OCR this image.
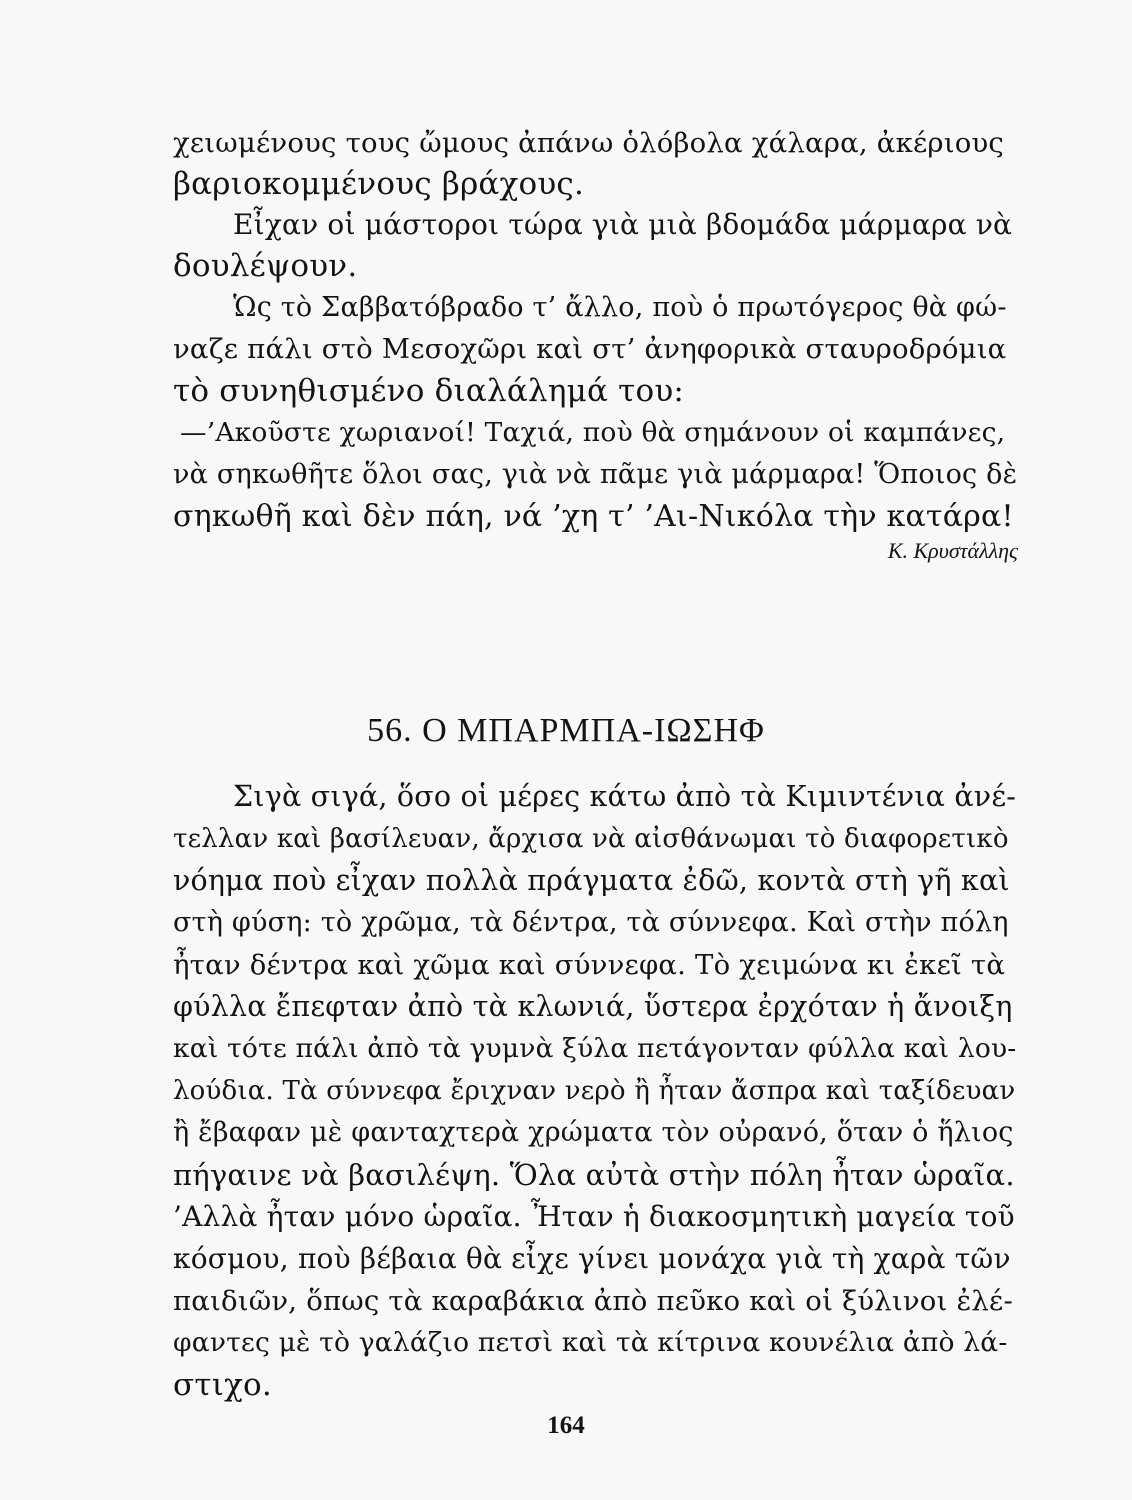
χειωμένους τους ὤμους ἀπάνω ὁλόβολα χάλαρα, ἀκέριους
βαριοκομμένους βράχους.
Εἶχαν οἱ μάστοροι τώρα γιὰ μιὰ βδομάδα μάρμαρα νὰ
δουλέψουν.
Ὡς τὸ Σαββατόβραδο τ’ ἄλλο, ποὺ ὁ πρωτόγερος θὰ φώ-
ναζε πάλι στὸ Μεσοχῶρι καὶ στ’ ἀνηφορικὰ σταυροδρόμια
τὸ συνηθισμένο διαλάλημά του:
—’Ακοῦστε χωριανοί! Ταχιά, ποὺ θὰ σημάνουν οἱ καμπάνες,
νὰ σηκωθῆτε ὅλοι σας, γιὰ νὰ πᾶμε γιὰ μάρμαρα! Ὅποιος δὲ
σηκωθῆ καὶ δὲν πάη, νά ’χη τ’ ’Αι-Νικόλα τὴν κατάρα!
Κ. Κρυστάλλης
56. Ο ΜΠΑΡΜΠΑ-ΙΩΣΗΦ
Σιγὰ σιγά, ὅσο οἱ μέρες κάτω ἀπὸ τὰ Κιμιντένια ἀνέ-
τελλαν καὶ βασίλευαν, ἄρχισα νὰ αἰσθάνωμαι τὸ διαφορετικὸ
νόημα ποὺ εἶχαν πολλὰ πράγματα ἐδῶ, κοντὰ στὴ γῆ καὶ
στὴ φύση: τὸ χρῶμα, τὰ δέντρα, τὰ σύννεφα. Καὶ στὴν πόλη
ἦταν δέντρα καὶ χῶμα καὶ σύννεφα. Τὸ χειμώνα κι ἐκεῖ τὰ
φύλλα ἔπεφταν ἀπὸ τὰ κλωνιά, ὕστερα ἐρχόταν ἡ ἄνοιξη
καὶ τότε πάλι ἀπὸ τὰ γυμνὰ ξύλα πετάγονταν φύλλα καὶ λου-
λούδια. Τὰ σύννεφα ἔριχναν νερὸ ἢ ἦταν ἄσπρα καὶ ταξίδευαν
ἢ ἔβαφαν μὲ φανταχτερὰ χρώματα τὸν οὐρανό, ὅταν ὁ ἥλιος
πήγαινε νὰ βασιλέψη. Ὅλα αὐτὰ στὴν πόλη ἦταν ὡραῖα.
’Αλλὰ ἦταν μόνο ὡραῖα. Ἦταν ἡ διακοσμητικὴ μαγεία τοῦ
κόσμου, ποὺ βέβαια θὰ εἶχε γίνει μονάχα γιὰ τὴ χαρὰ τῶν
παιδιῶν, ὅπως τὰ καραβάκια ἀπὸ πεῦκο καὶ οἱ ξύλινοι ἐλέ-
φαντες μὲ τὸ γαλάζιο πετσὶ καὶ τὰ κίτρινα κουνέλια ἀπὸ λά-
στιχο.
164
